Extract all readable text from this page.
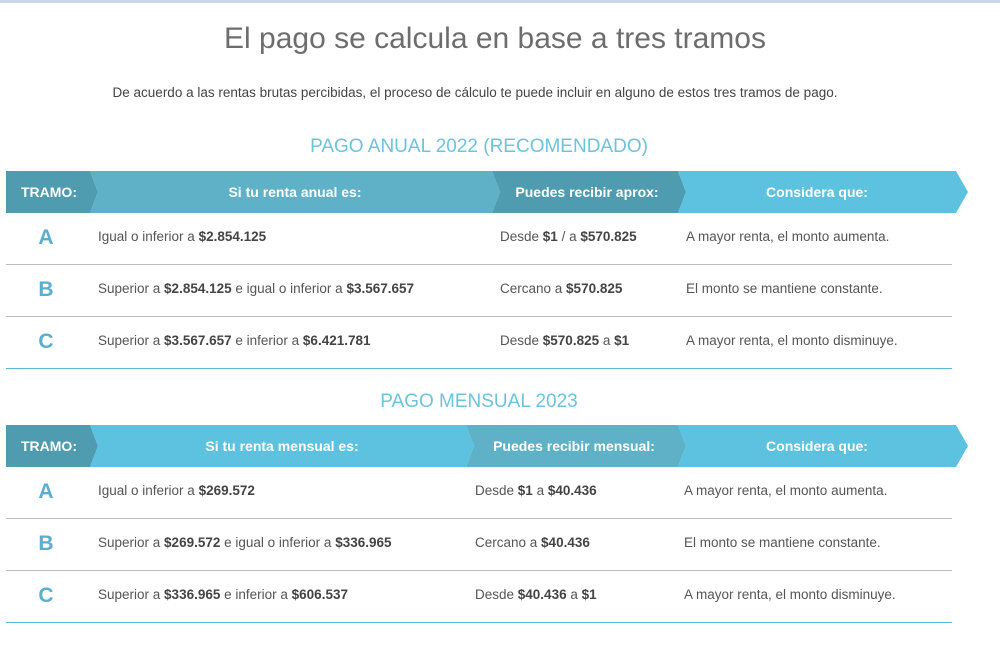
El pago se calcula en base a tres tramos

De acuerdo a las rentas brutas percibidas, el proceso de cálculo te puede incluir en alguno de estos tres tramos de pago.

PAGO ANUAL 2022 (RECOMENDADO)
TRAMO:	Si tu renta anual es:	Puedes recibir aprox:	Considera que:
A	Igual o inferior a $2.854.125	Desde $1 / a $570.825	A mayor renta, el monto aumenta.
B	Superior a $2.854.125 e igual o inferior a $3.567.657	Cercano a $570.825	El monto se mantiene constante.
C	Superior a $3.567.657 e inferior a $6.421.781	Desde $570.825 a $1	A mayor renta, el monto disminuye.
PAGO MENSUAL 2023
TRAMO:	Si tu renta mensual es:	Puedes recibir mensual:	Considera que:
A	Igual o inferior a $269.572	Desde $1 a $40.436	A mayor renta, el monto aumenta.
B	Superior a $269.572 e igual o inferior a $336.965	Cercano a $40.436	El monto se mantiene constante.
C	Superior a $336.965 e inferior a $606.537	Desde $40.436 a $1	A mayor renta, el monto disminuye.
